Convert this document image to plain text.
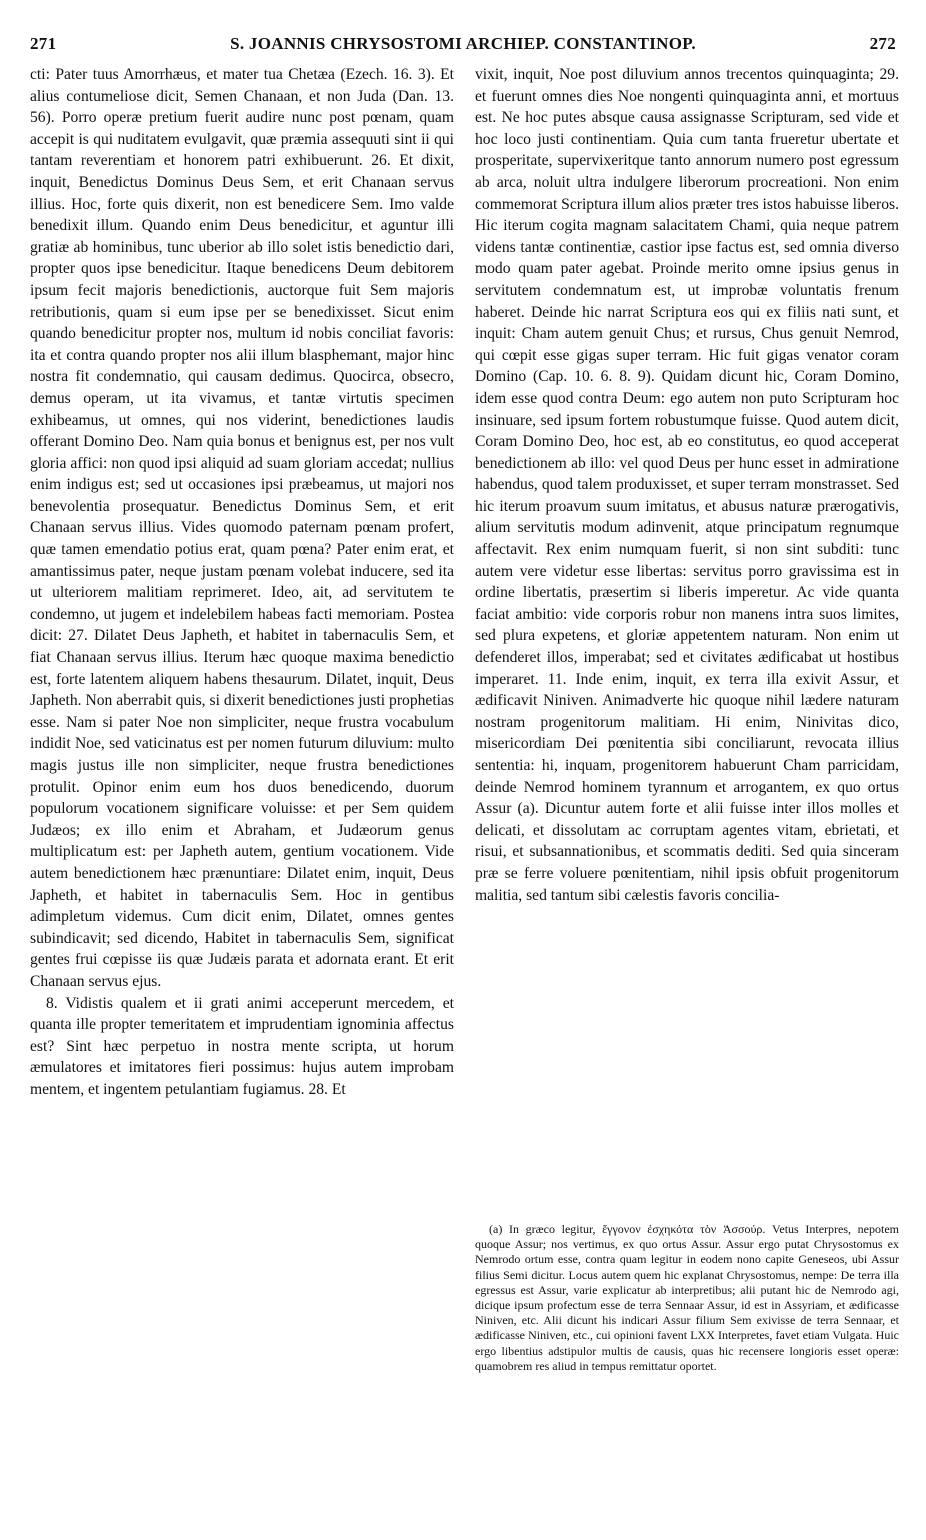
271	S. JOANNIS CHRYSOSTOMI ARCHIEP. CONSTANTINOP.	272

cti: Pater tuus Amorrhæus, et mater tua Chetæa (Ezech. 16. 3). Et alius contumeliose dicit, Semen Chanaan, et non Juda (Dan. 13. 56). Porro operæ pretium fuerit audire nunc post pœnam, quam accepit is qui nuditatem evulgavit, quæ præmia assequuti sint ii qui tantam reverentiam et honorem patri exhibuerunt. 26. Et dixit, inquit, Benedictus Dominus Deus Sem, et erit Chanaan servus illius. Hoc, forte quis dixerit, non est benedicere Sem. Imo valde benedixit illum. Quando enim Deus benedicitur, et aguntur illi gratiæ ab hominibus, tunc uberior ab illo solet istis benedictio dari, propter quos ipse benedicitur. Itaque benedicens Deum debitorem ipsum fecit majoris benedictionis, auctorque fuit Sem majoris retributionis, quam si eum ipse per se benedixisset. Sicut enim quando benedicitur propter nos, multum id nobis conciliat favoris: ita et contra quando propter nos alii illum blasphemant, major hinc nostra fit condemnatio, qui causam dedimus. Quocirca, obsecro, demus operam, ut ita vivamus, et tantæ virtutis specimen exhibeamus, ut omnes, qui nos viderint, benedictiones laudis offerant Domino Deo. Nam quia bonus et benignus est, per nos vult gloria affici: non quod ipsi aliquid ad suam gloriam accedat; nullius enim indigus est; sed ut occasiones ipsi præbeamus, ut majori nos benevolentia prosequatur. Benedictus Dominus Sem, et erit Chanaan servus illius. Vides quomodo paternam pœnam profert, quæ tamen emendatio potius erat, quam pœna? Pater enim erat, et amantissimus pater, neque justam pœnam volebat inducere, sed ita ut ulteriorem malitiam reprimeret. Ideo, ait, ad servitutem te condemno, ut jugem et indelebilem habeas facti memoriam. Postea dicit: 27. Dilatet Deus Japheth, et habitet in tabernaculis Sem, et fiat Chanaan servus illius. Iterum hæc quoque maxima benedictio est, forte latentem aliquem habens thesaurum. Dilatet, inquit, Deus Japheth. Non aberrabit quis, si dixerit benedictiones justi prophetias esse. Nam si pater Noe non simpliciter, neque frustra vocabulum indidit Noe, sed vaticinatus est per nomen futurum diluvium: multo magis justus ille non simpliciter, neque frustra benedictiones protulit. Opinor enim eum hos duos benedicendo, duorum populorum vocationem significare voluisse: et per Sem quidem Judæos; ex illo enim et Abraham, et Judæorum genus multiplicatum est: per Japheth autem, gentium vocationem. Vide autem benedictionem hæc prænuntiare: Dilatet enim, inquit, Deus Japheth, et habitet in tabernaculis Sem. Hoc in gentibus adimpletum videmus. Cum dicit enim, Dilatet, omnes gentes subindicavit; sed dicendo, Habitet in tabernaculis Sem, significat gentes frui cœpisse iis quæ Judæis parata et adornata erant. Et erit Chanaan servus ejus.

8. Vidistis qualem et ii grati animi acceperunt mercedem, et quanta ille propter temeritatem et imprudentiam ignominia affectus est? Sint hæc perpetuo in nostra mente scripta, ut horum æmulatores et imitatores fieri possimus: hujus autem improbam mentem, et ingentem petulantiam fugiamus. 28. Et

vixit, inquit, Noe post diluvium annos trecentos quinquaginta; 29. et fuerunt omnes dies Noe nongenti quinquaginta anni, et mortuus est. Ne hoc putes absque causa assignasse Scripturam, sed vide et hoc loco justi continentiam. Quia cum tanta frueretur ubertate et prosperitate, supervixeritque tanto annorum numero post egressum ab arca, noluit ultra indulgere liberorum procreationi. Non enim commemorat Scriptura illum alios præter tres istos habuisse liberos. Hic iterum cogita magnam salacitatem Chami, quia neque patrem videns tantæ continentiæ, castior ipse factus est, sed omnia diverso modo quam pater agebat. Proinde merito omne ipsius genus in servitutem condemnatum est, ut improbæ voluntatis frenum haberet. Deinde hic narrat Scriptura eos qui ex filiis nati sunt, et inquit: Cham autem genuit Chus; et rursus, Chus genuit Nemrod, qui cœpit esse gigas super terram. Hic fuit gigas venator coram Domino (Cap. 10. 6. 8. 9). Quidam dicunt hic, Coram Domino, idem esse quod contra Deum: ego autem non puto Scripturam hoc insinuare, sed ipsum fortem robustumque fuisse. Quod autem dicit, Coram Domino Deo, hoc est, ab eo constitutus, eo quod acceperat benedictionem ab illo: vel quod Deus per hunc esset in admiratione habendus, quod talem produxisset, et super terram monstrasset. Sed hic iterum proavum suum imitatus, et abusus naturæ prærogativis, alium servitutis modum adinvenit, atque principatum regnumque affectavit. Rex enim numquam fuerit, si non sint subditi: tunc autem vere videtur esse libertas: servitus porro gravissima est in ordine libertatis, præsertim si liberis imperetur. Ac vide quanta faciat ambitio: vide corporis robur non manens intra suos limites, sed plura expetens, et gloriæ appetentem naturam. Non enim ut defenderet illos, imperabat; sed et civitates ædificabat ut hostibus imperaret. 11. Inde enim, inquit, ex terra illa exivit Assur, et ædificavit Niniven. Animadverte hic quoque nihil lædere naturam nostram progenitorum malitiam. Hi enim, Ninivitas dico, misericordiam Dei pœnitentia sibi conciliarunt, revocata illius sententia: hi, inquam, progenitorem habuerunt Cham parricidam, deinde Nemrod hominem tyrannum et arrogantem, ex quo ortus Assur (a). Dicuntur autem forte et alii fuisse inter illos molles et delicati, et dissolutam ac corruptam agentes vitam, ebrietati, et risui, et subsannationibus, et scommatis dediti. Sed quia sinceram præ se ferre voluere pœnitentiam, nihil ipsis obfuit progenitorum malitia, sed tantum sibi cælestis favoris concilia-

(a) In græco legitur, ἔγγονον ἐσχηκότα τὸν Ἀσσούρ. Vetus Interpres, nepotem quoque Assur; nos vertimus, ex quo ortus Assur. Assur ergo putat Chrysostomus ex Nemrodo ortum esse, contra quam legitur in eodem nono capite Geneseos, ubi Assur filius Semi dicitur. Locus autem quem hic explanat Chrysostomus, nempe: De terra illa egressus est Assur, varie explicatur ab interpretibus; alii putant hic de Nemrodo agi, dicique ipsum profectum esse de terra Sennaar Assur, id est in Assyriam, et ædificasse Niniven, etc. Alii dicunt his indicari Assur filium Sem exivisse de terra Sennaar, et ædificasse Niniven, etc., cui opinioni favent LXX Interpretes, favet etiam Vulgata. Huic ergo libentius adstipulor multis de causis, quas hic recensere longioris esset operæ: quamobrem res aliud in tempus remittatur oportet.
